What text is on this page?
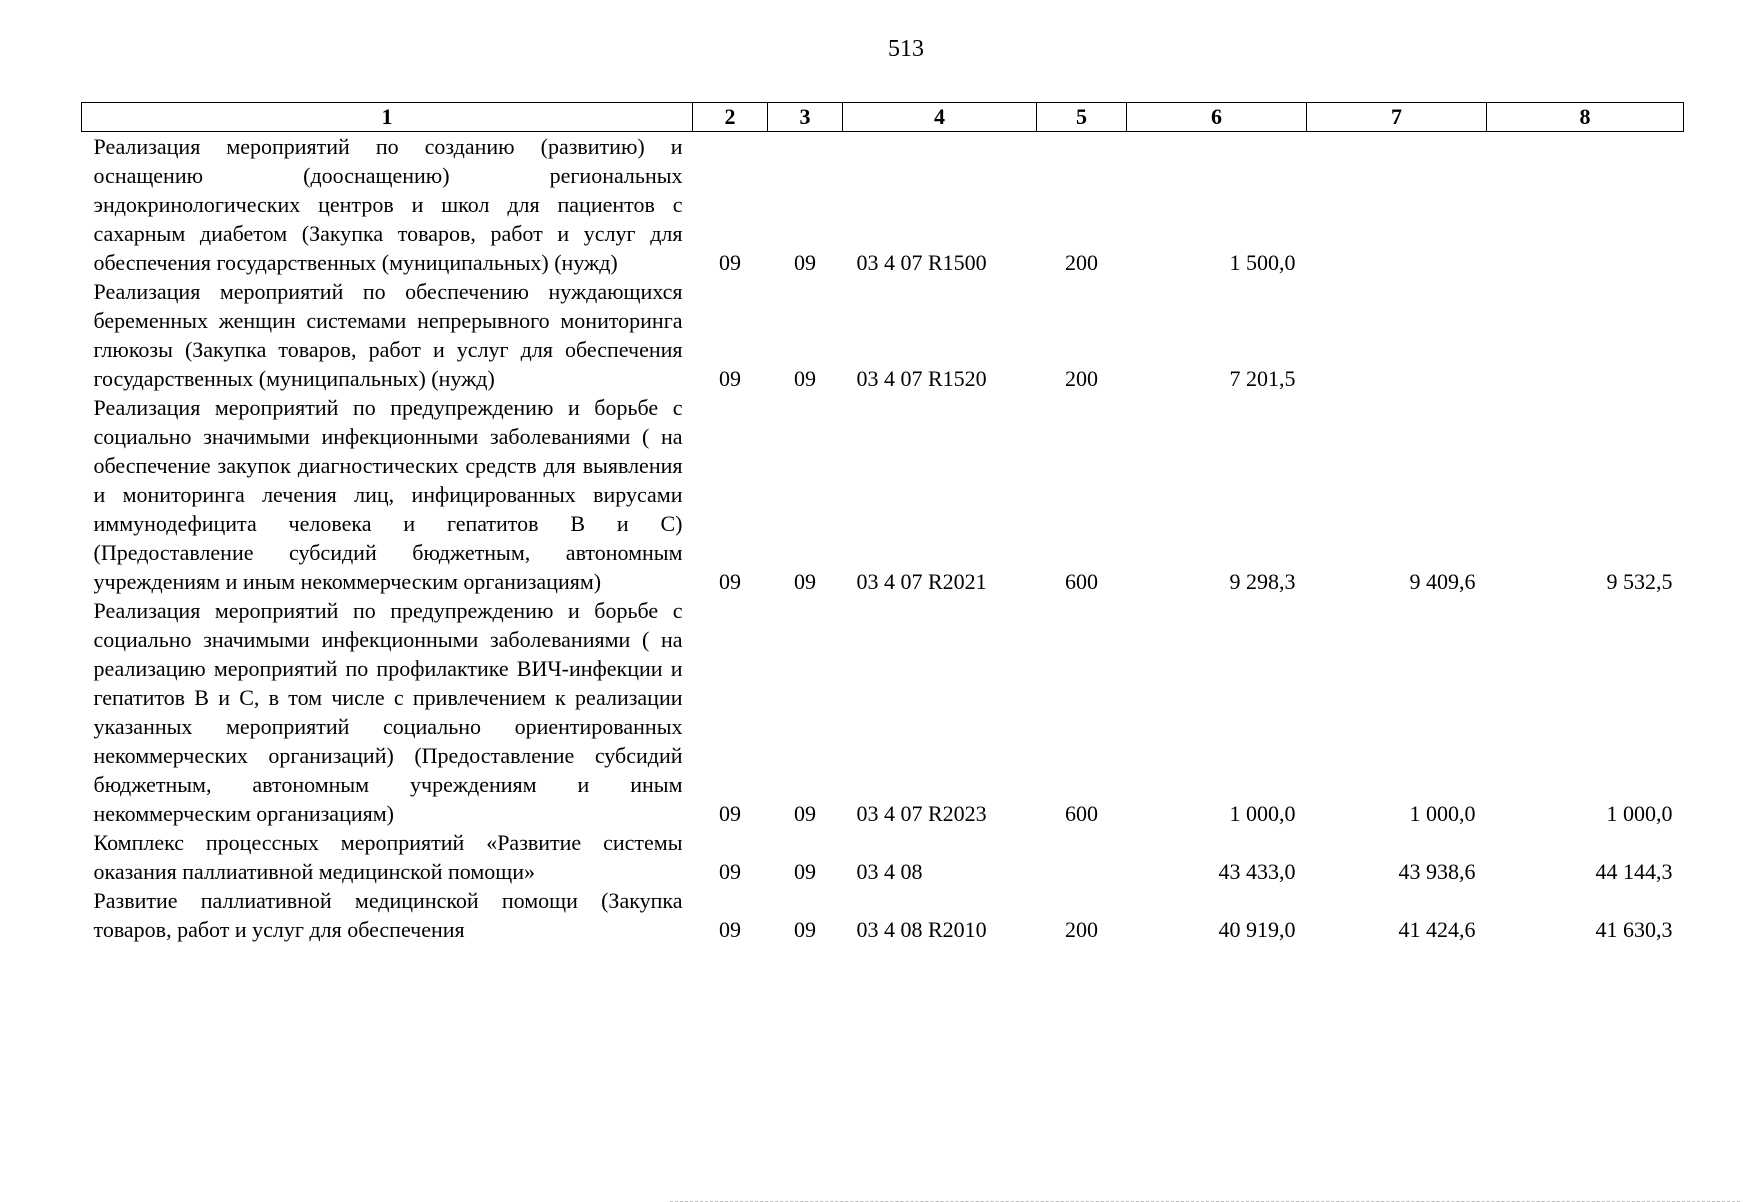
513
1	2	3	4	5	6	7	8
Реализация мероприятий по созданию (развитию) и оснащению (дооснащению) региональных эндокринологических центров и школ для пациентов с сахарным диабетом (Закупка товаров, работ и услуг для обеспечения государственных (муниципальных) (нужд)	09	09	03 4 07 R1500	200	1 500,0		
Реализация мероприятий по обеспечению нуждающихся беременных женщин системами непрерывного мониторинга глюкозы (Закупка товаров, работ и услуг для обеспечения государственных (муниципальных) (нужд)	09	09	03 4 07 R1520	200	7 201,5		
Реализация мероприятий по предупреждению и борьбе с социально значимыми инфекционными заболеваниями ( на обеспечение закупок диагностических средств для выявления и мониторинга лечения лиц, инфицированных вирусами иммунодефицита человека и гепатитов В и С) (Предоставление субсидий бюджетным, автономным учреждениям и иным некоммерческим организациям)	09	09	03 4 07 R2021	600	9 298,3	9 409,6	9 532,5
Реализация мероприятий по предупреждению и борьбе с социально значимыми инфекционными заболеваниями ( на реализацию мероприятий по профилактике ВИЧ-инфекции и гепатитов В и С, в том числе с привлечением к реализации указанных мероприятий социально ориентированных некоммерческих организаций) (Предоставление субсидий бюджетным, автономным учреждениям и иным некоммерческим организациям)	09	09	03 4 07 R2023	600	1 000,0	1 000,0	1 000,0
Комплекс процессных мероприятий «Развитие системы оказания паллиативной медицинской помощи»	09	09	03 4 08		43 433,0	43 938,6	44 144,3
Развитие паллиативной медицинской помощи (Закупка товаров, работ и услуг для обеспечения	09	09	03 4 08 R2010	200	40 919,0	41 424,6	41 630,3
